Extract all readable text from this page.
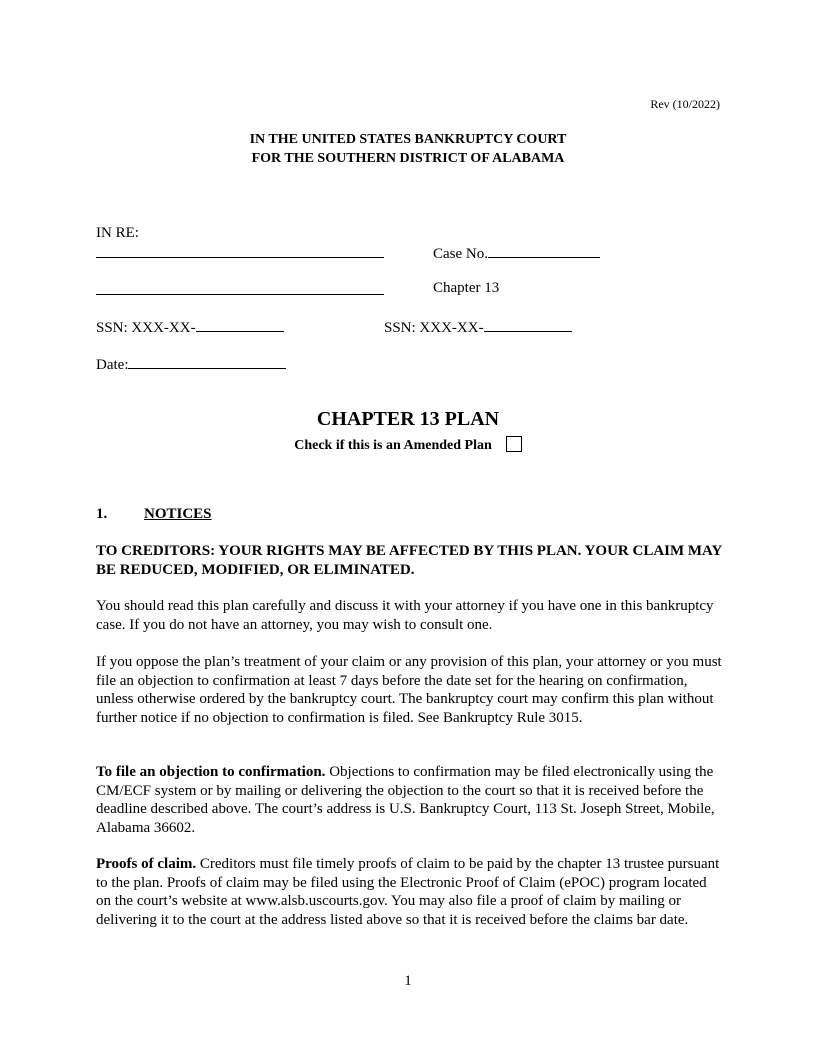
Rev (10/2022)
IN THE UNITED STATES BANKRUPTCY COURT
FOR THE SOUTHERN DISTRICT OF ALABAMA
IN RE:
Case No.
Chapter 13
SSN: XXX-XX-	SSN: XXX-XX-
Date:
CHAPTER 13 PLAN
Check if this is an Amended Plan
1. NOTICES
TO CREDITORS: YOUR RIGHTS MAY BE AFFECTED BY THIS PLAN. YOUR CLAIM MAY BE REDUCED, MODIFIED, OR ELIMINATED.
You should read this plan carefully and discuss it with your attorney if you have one in this bankruptcy case. If you do not have an attorney, you may wish to consult one.
If you oppose the plan’s treatment of your claim or any provision of this plan, your attorney or you must file an objection to confirmation at least 7 days before the date set for the hearing on confirmation, unless otherwise ordered by the bankruptcy court. The bankruptcy court may confirm this plan without further notice if no objection to confirmation is filed. See Bankruptcy Rule 3015.
To file an objection to confirmation. Objections to confirmation may be filed electronically using the CM/ECF system or by mailing or delivering the objection to the court so that it is received before the deadline described above. The court’s address is U.S. Bankruptcy Court, 113 St. Joseph Street, Mobile, Alabama 36602.
Proofs of claim. Creditors must file timely proofs of claim to be paid by the chapter 13 trustee pursuant to the plan. Proofs of claim may be filed using the Electronic Proof of Claim (ePOC) program located on the court’s website at www.alsb.uscourts.gov. You may also file a proof of claim by mailing or delivering it to the court at the address listed above so that it is received before the claims bar date.
1
